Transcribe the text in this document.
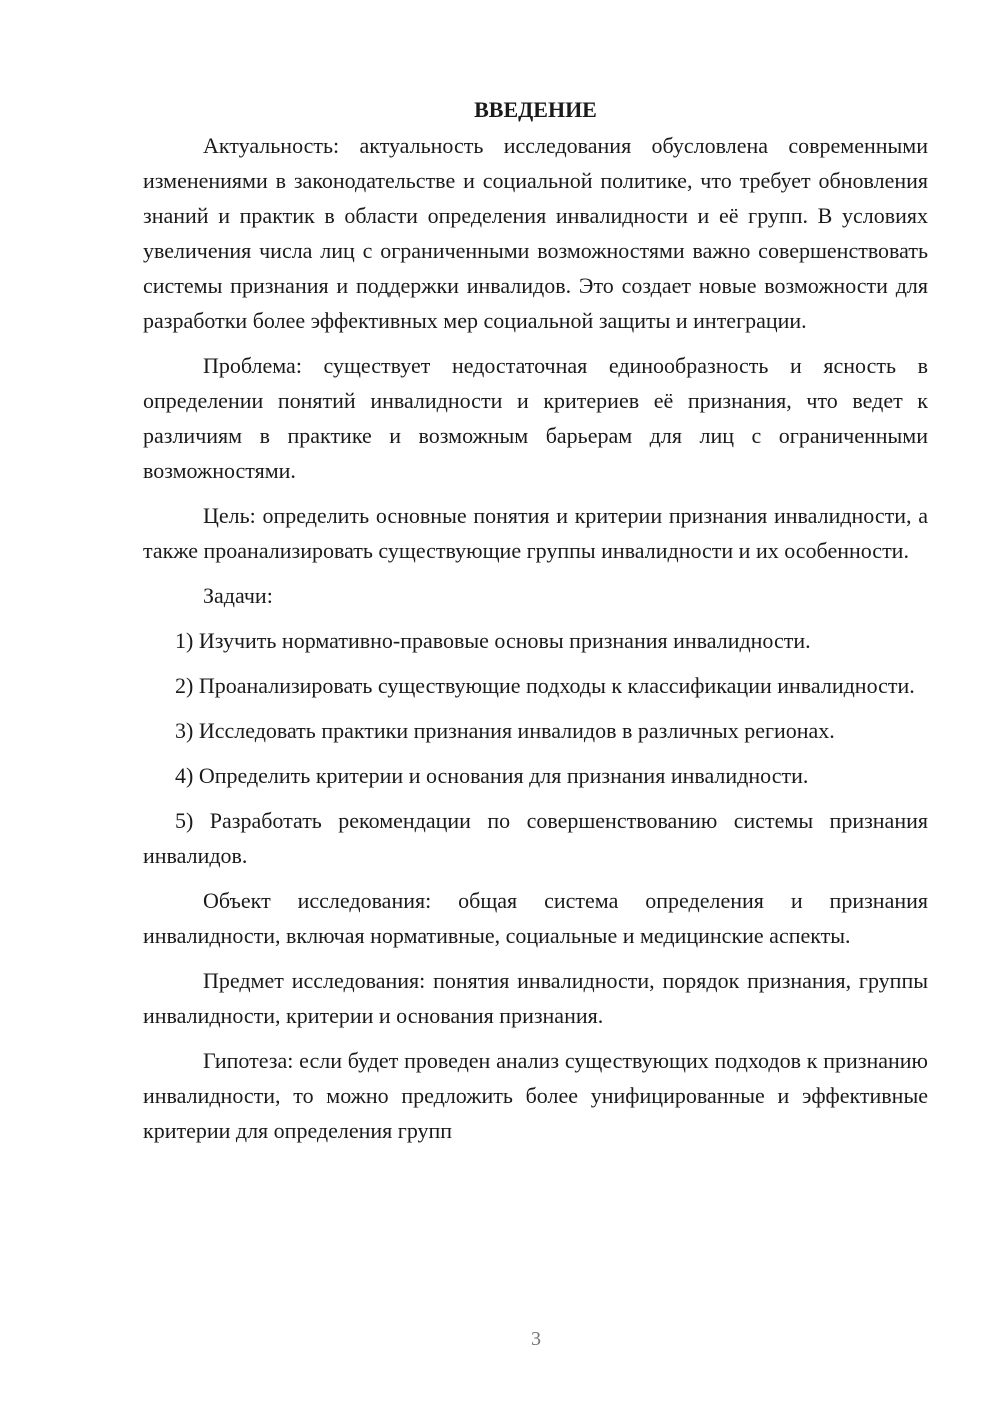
ВВЕДЕНИЕ

Актуальность: актуальность исследования обусловлена современными изменениями в законодательстве и социальной политике, что требует обновления знаний и практик в области определения инвалидности и её групп. В условиях увеличения числа лиц с ограниченными возможностями важно совершенствовать системы признания и поддержки инвалидов. Это создает новые возможности для разработки более эффективных мер социальной защиты и интеграции.

Проблема: существует недостаточная единообразность и ясность в определении понятий инвалидности и критериев её признания, что ведет к различиям в практике и возможным барьерам для лиц с ограниченными возможностями.

Цель: определить основные понятия и критерии признания инвалидности, а также проанализировать существующие группы инвалидности и их особенности.

Задачи:

1) Изучить нормативно-правовые основы признания инвалидности.

2) Проанализировать существующие подходы к классификации инвалидности.

3) Исследовать практики признания инвалидов в различных регионах.

4) Определить критерии и основания для признания инвалидности.

5) Разработать рекомендации по совершенствованию системы признания инвалидов.

Объект исследования: общая система определения и признания инвалидности, включая нормативные, социальные и медицинские аспекты.

Предмет исследования: понятия инвалидности, порядок признания, группы инвалидности, критерии и основания признания.

Гипотеза: если будет проведен анализ существующих подходов к признанию инвалидности, то можно предложить более унифицированные и эффективные критерии для определения групп

3
